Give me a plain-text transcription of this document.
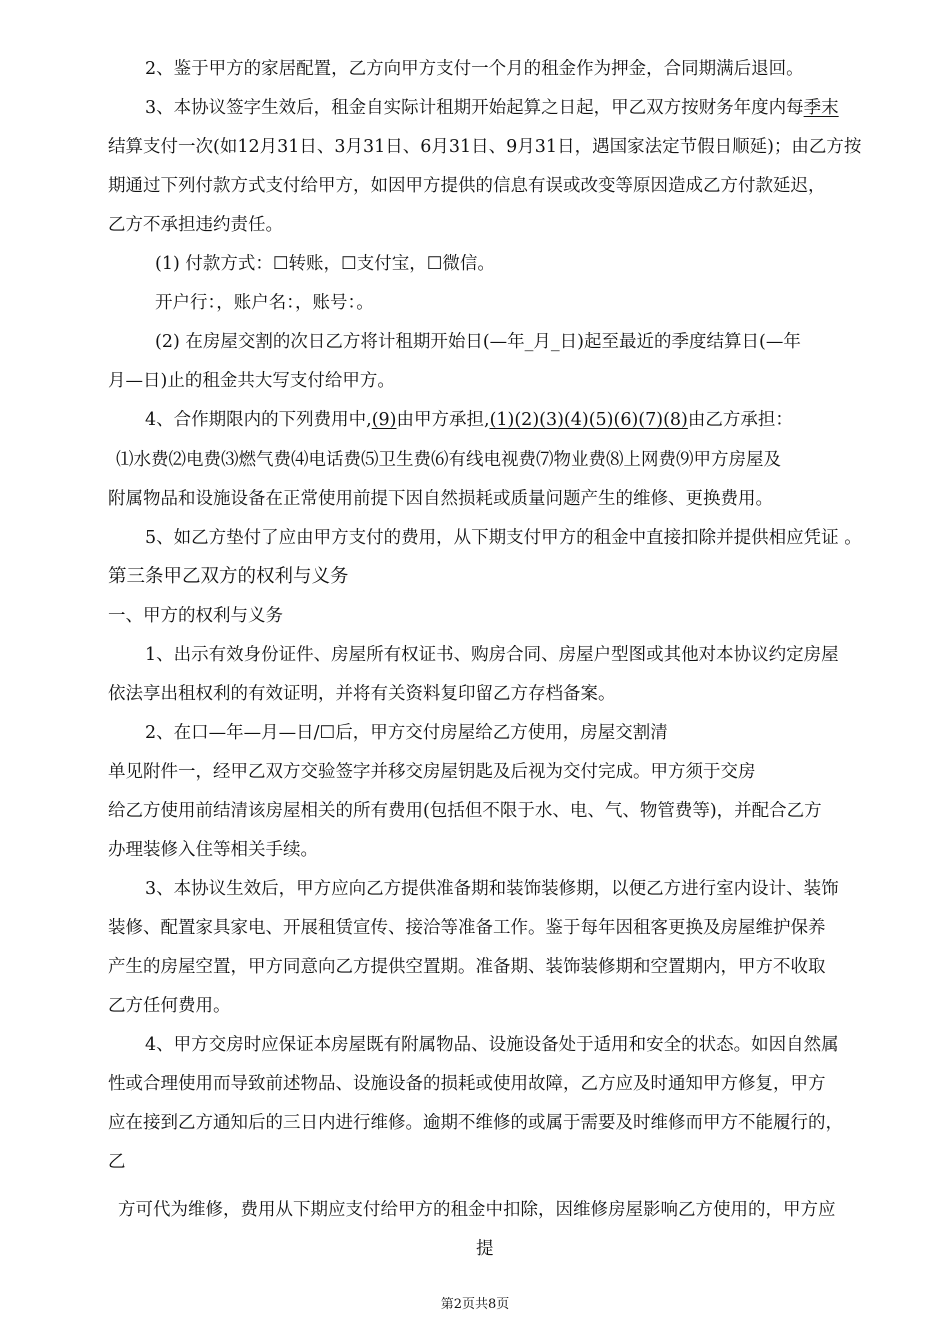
2、鉴于甲方的家居配置，乙方向甲方支付一个月的租金作为押金，合同期满后退回。
3、本协议签字生效后，租金自实际计租期开始起算之日起，甲乙双方按财务年度内每季末
结算支付一次(如12月31日、3月31日、6月31日、9月31日，遇国家法定节假日顺延)；由乙方按
期通过下列付款方式支付给甲方，如因甲方提供的信息有误或改变等原因造成乙方付款延迟，
乙方不承担违约责任。
(1) 付款方式：☐转账，☐支付宝，☐微信。
开户行：，账户名：，账号：。
(2) 在房屋交割的次日乙方将计租期开始日(—年_月_日)起至最近的季度结算日(—年
月—日)止的租金共大写支付给甲方。
4、合作期限内的下列费用中,(9)由甲方承担,(1)(2)(3)(4)(5)(6)(7)(8)由乙方承担：
⑴水费⑵电费⑶燃气费⑷电话费⑸卫生费⑹有线电视费⑺物业费⑻上网费⑼甲方房屋及
附属物品和设施设备在正常使用前提下因自然损耗或质量问题产生的维修、更换费用。
5、如乙方垫付了应由甲方支付的费用，从下期支付甲方的租金中直接扣除并提供相应凭证 。
第三条甲乙双方的权利与义务
一、甲方的权利与义务
1、出示有效身份证件、房屋所有权证书、购房合同、房屋户型图或其他对本协议约定房屋
依法享出租权利的有效证明，并将有关资料复印留乙方存档备案。
2、在口—年—月—日/☐后，甲方交付房屋给乙方使用，房屋交割清
单见附件一，经甲乙双方交验签字并移交房屋钥匙及后视为交付完成。甲方须于交房
给乙方使用前结清该房屋相关的所有费用(包括但不限于水、电、气、物管费等)，并配合乙方
办理装修入住等相关手续。
3、本协议生效后，甲方应向乙方提供准备期和装饰装修期，以便乙方进行室内设计、装饰
装修、配置家具家电、开展租赁宣传、接洽等准备工作。鉴于每年因租客更换及房屋维护保养
产生的房屋空置，甲方同意向乙方提供空置期。准备期、装饰装修期和空置期内，甲方不收取
乙方任何费用。
4、甲方交房时应保证本房屋既有附属物品、设施设备处于适用和安全的状态。如因自然属
性或合理使用而导致前述物品、设施设备的损耗或使用故障，乙方应及时通知甲方修复，甲方
应在接到乙方通知后的三日内进行维修。逾期不维修的或属于需要及时维修而甲方不能履行的，
乙
方可代为维修，费用从下期应支付给甲方的租金中扣除，因维修房屋影响乙方使用的，甲方应
提
第2页共8页
